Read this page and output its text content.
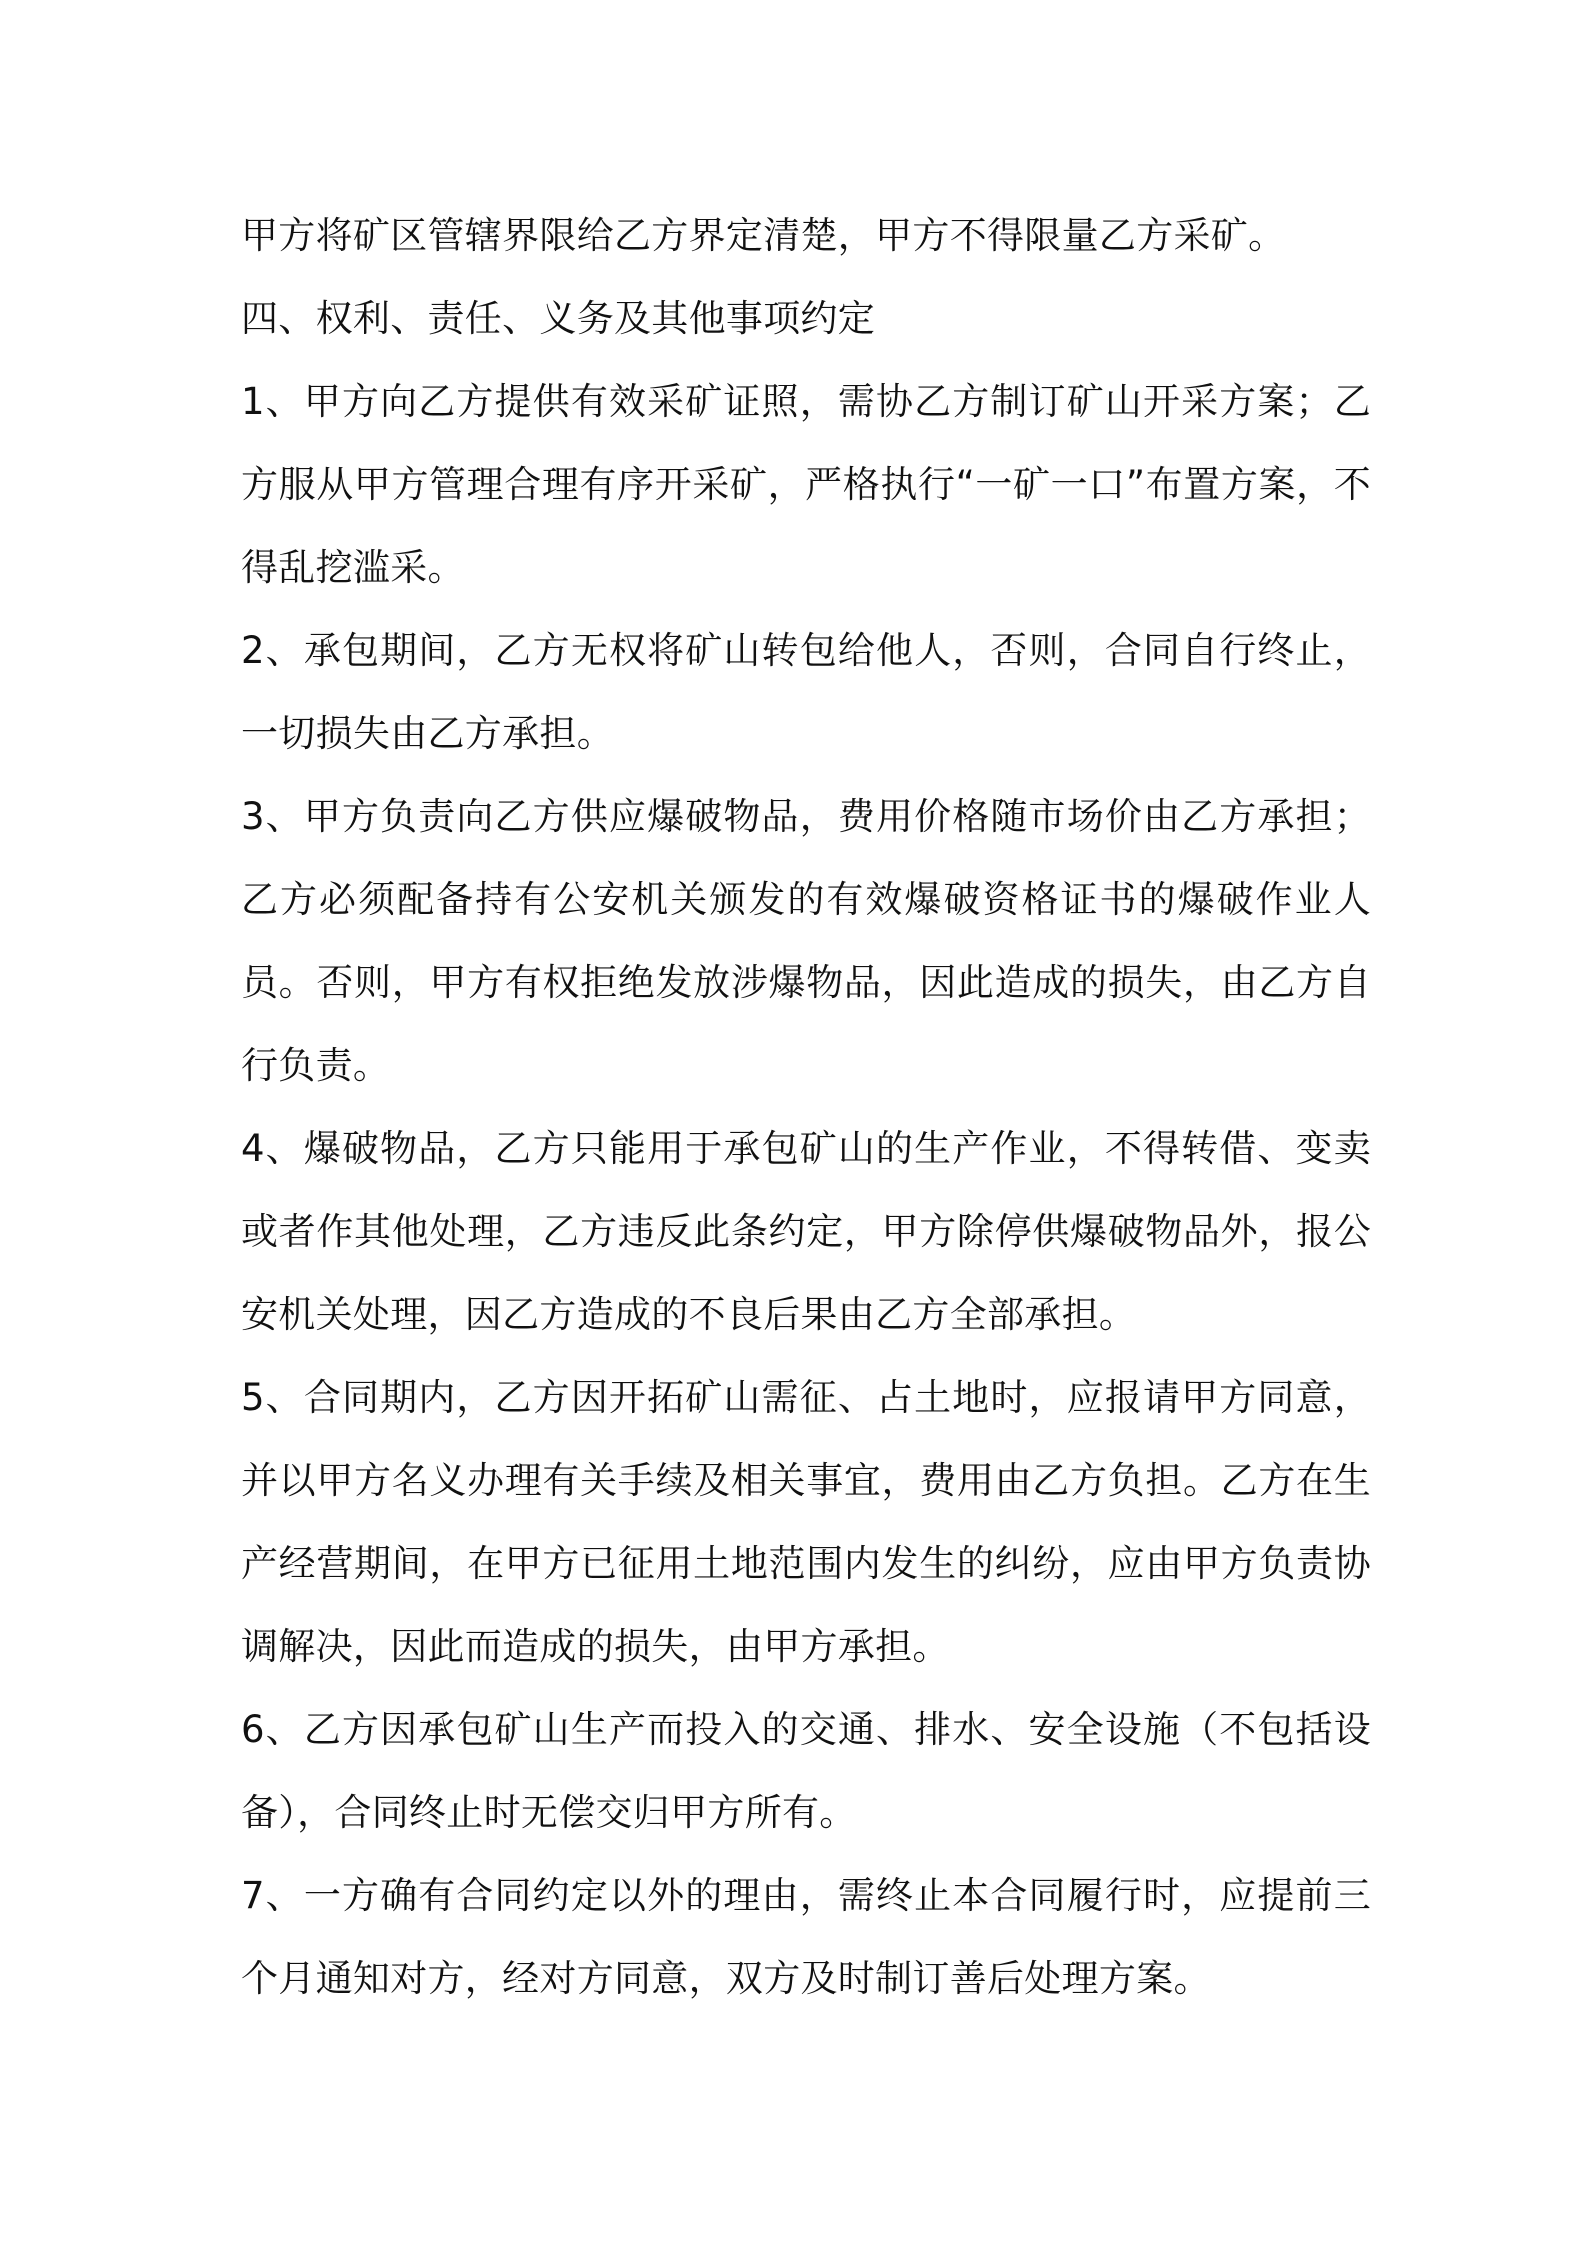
甲方将矿区管辖界限给乙方界定清楚，甲方不得限量乙方采矿。

四、权利、责任、义务及其他事项约定

1、甲方向乙方提供有效采矿证照，需协乙方制订矿山开采方案；乙方服从甲方管理合理有序开采矿，严格执行“一矿一口”布置方案，不得乱挖滥采。

2、承包期间，乙方无权将矿山转包给他人，否则，合同自行终止，一切损失由乙方承担。

3、甲方负责向乙方供应爆破物品，费用价格随市场价由乙方承担；乙方必须配备持有公安机关颁发的有效爆破资格证书的爆破作业人员。否则，甲方有权拒绝发放涉爆物品，因此造成的损失，由乙方自行负责。

4、爆破物品，乙方只能用于承包矿山的生产作业，不得转借、变卖或者作其他处理，乙方违反此条约定，甲方除停供爆破物品外，报公安机关处理，因乙方造成的不良后果由乙方全部承担。

5、合同期内，乙方因开拓矿山需征、占土地时，应报请甲方同意，并以甲方名义办理有关手续及相关事宜，费用由乙方负担。乙方在生产经营期间，在甲方已征用土地范围内发生的纠纷，应由甲方负责协调解决，因此而造成的损失，由甲方承担。

6、乙方因承包矿山生产而投入的交通、排水、安全设施（不包括设备），合同终止时无偿交归甲方所有。

7、一方确有合同约定以外的理由，需终止本合同履行时，应提前三个月通知对方，经对方同意，双方及时制订善后处理方案。
